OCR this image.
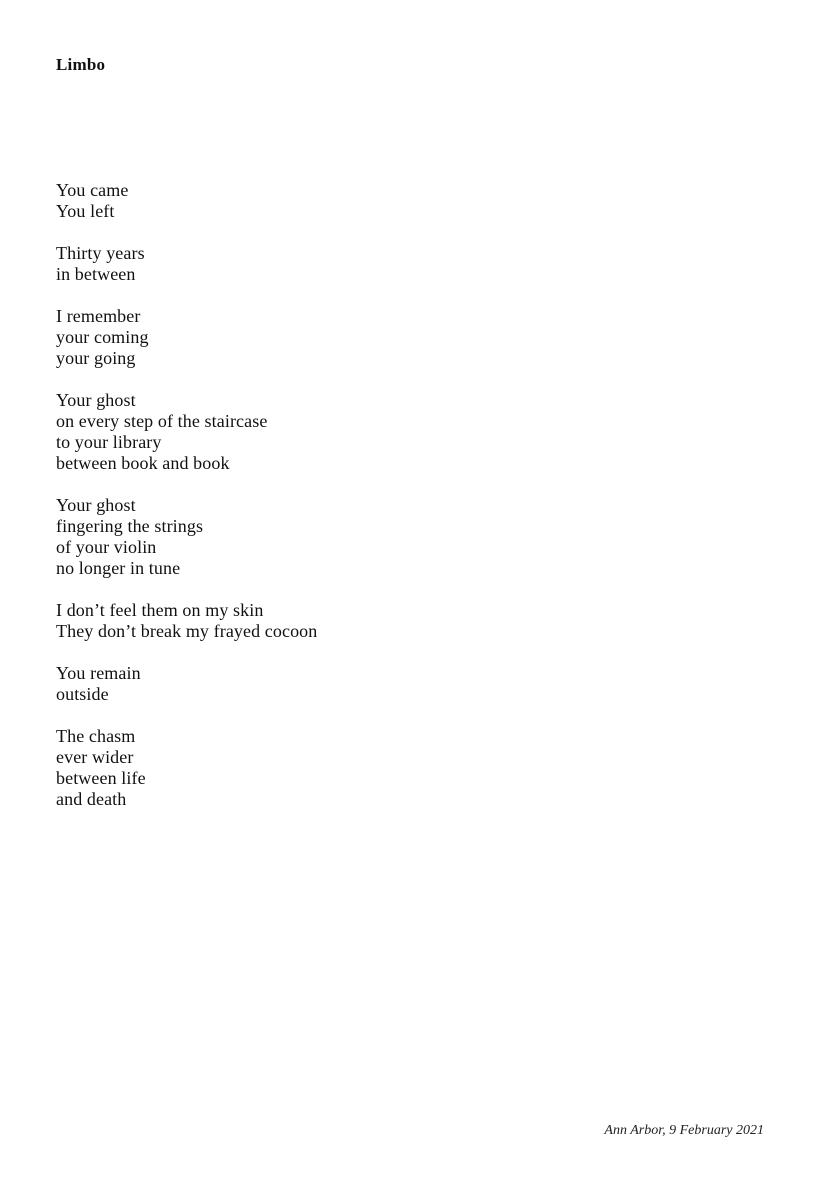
Limbo
You came
You left
Thirty years
in between
I remember
your coming
your going
Your ghost
on every step of the staircase
to your library
between book and book
Your ghost
fingering the strings
of your violin
no longer in tune
I don’t feel them on my skin
They don’t break my frayed cocoon
You remain
outside
The chasm
ever wider
between life
and death
Ann Arbor, 9 February 2021
